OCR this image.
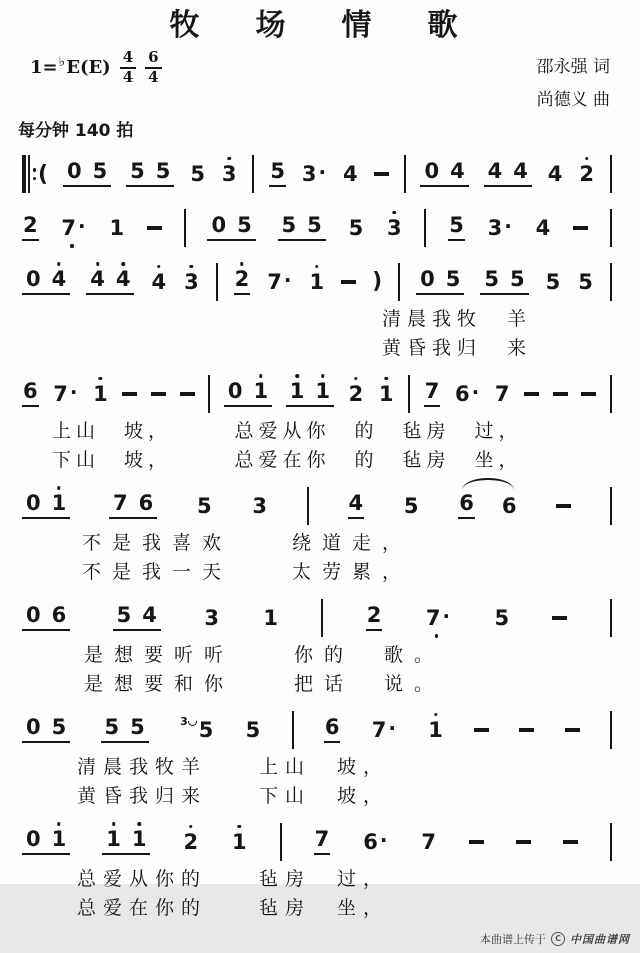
牧　场　情　歌
1= ♭ $E(E) \frac{4}{4} \frac{6}{4}$	邵永强 词
尚德义 曲
每分钟 140 拍
( 0 5 5 5 5 3 5 3 · 4	0 4 4 4 4 2
2 7 · 1	0 5 5 5 5 3 5 3 · 4
0 4 4 4 4 3 2 7 · 1 ) 0 5 5 5 5 5
清晨我牧　羊
黄昏我归　来
6 7 · 1	0 1 1 1 2 1 7 6 · 7
上山　坡，　　　总爱从你　的　毡房　过，
下山　坡，　　　总爱在你　的　毡房　坐，
0 1 7 6 5 3	4 5 6 6
不是我喜欢　　绕道走，
不是我一天　　太劳累，
0 6 5 4 3 1	2 7 · 5
是想要听听　　你的　歌。
是想要和你　　把话　说。
0 5 5 5	3 5 5	6 7 · 1
清晨我牧羊　　上山　坡，
黄昏我归来　　下山　坡，
0 1 1 1 2 1	7 6 · 7
总爱从你的　　毡房　过，
总爱在你的　　毡房　坐，
本曲谱上传于	C 中国曲谱网
